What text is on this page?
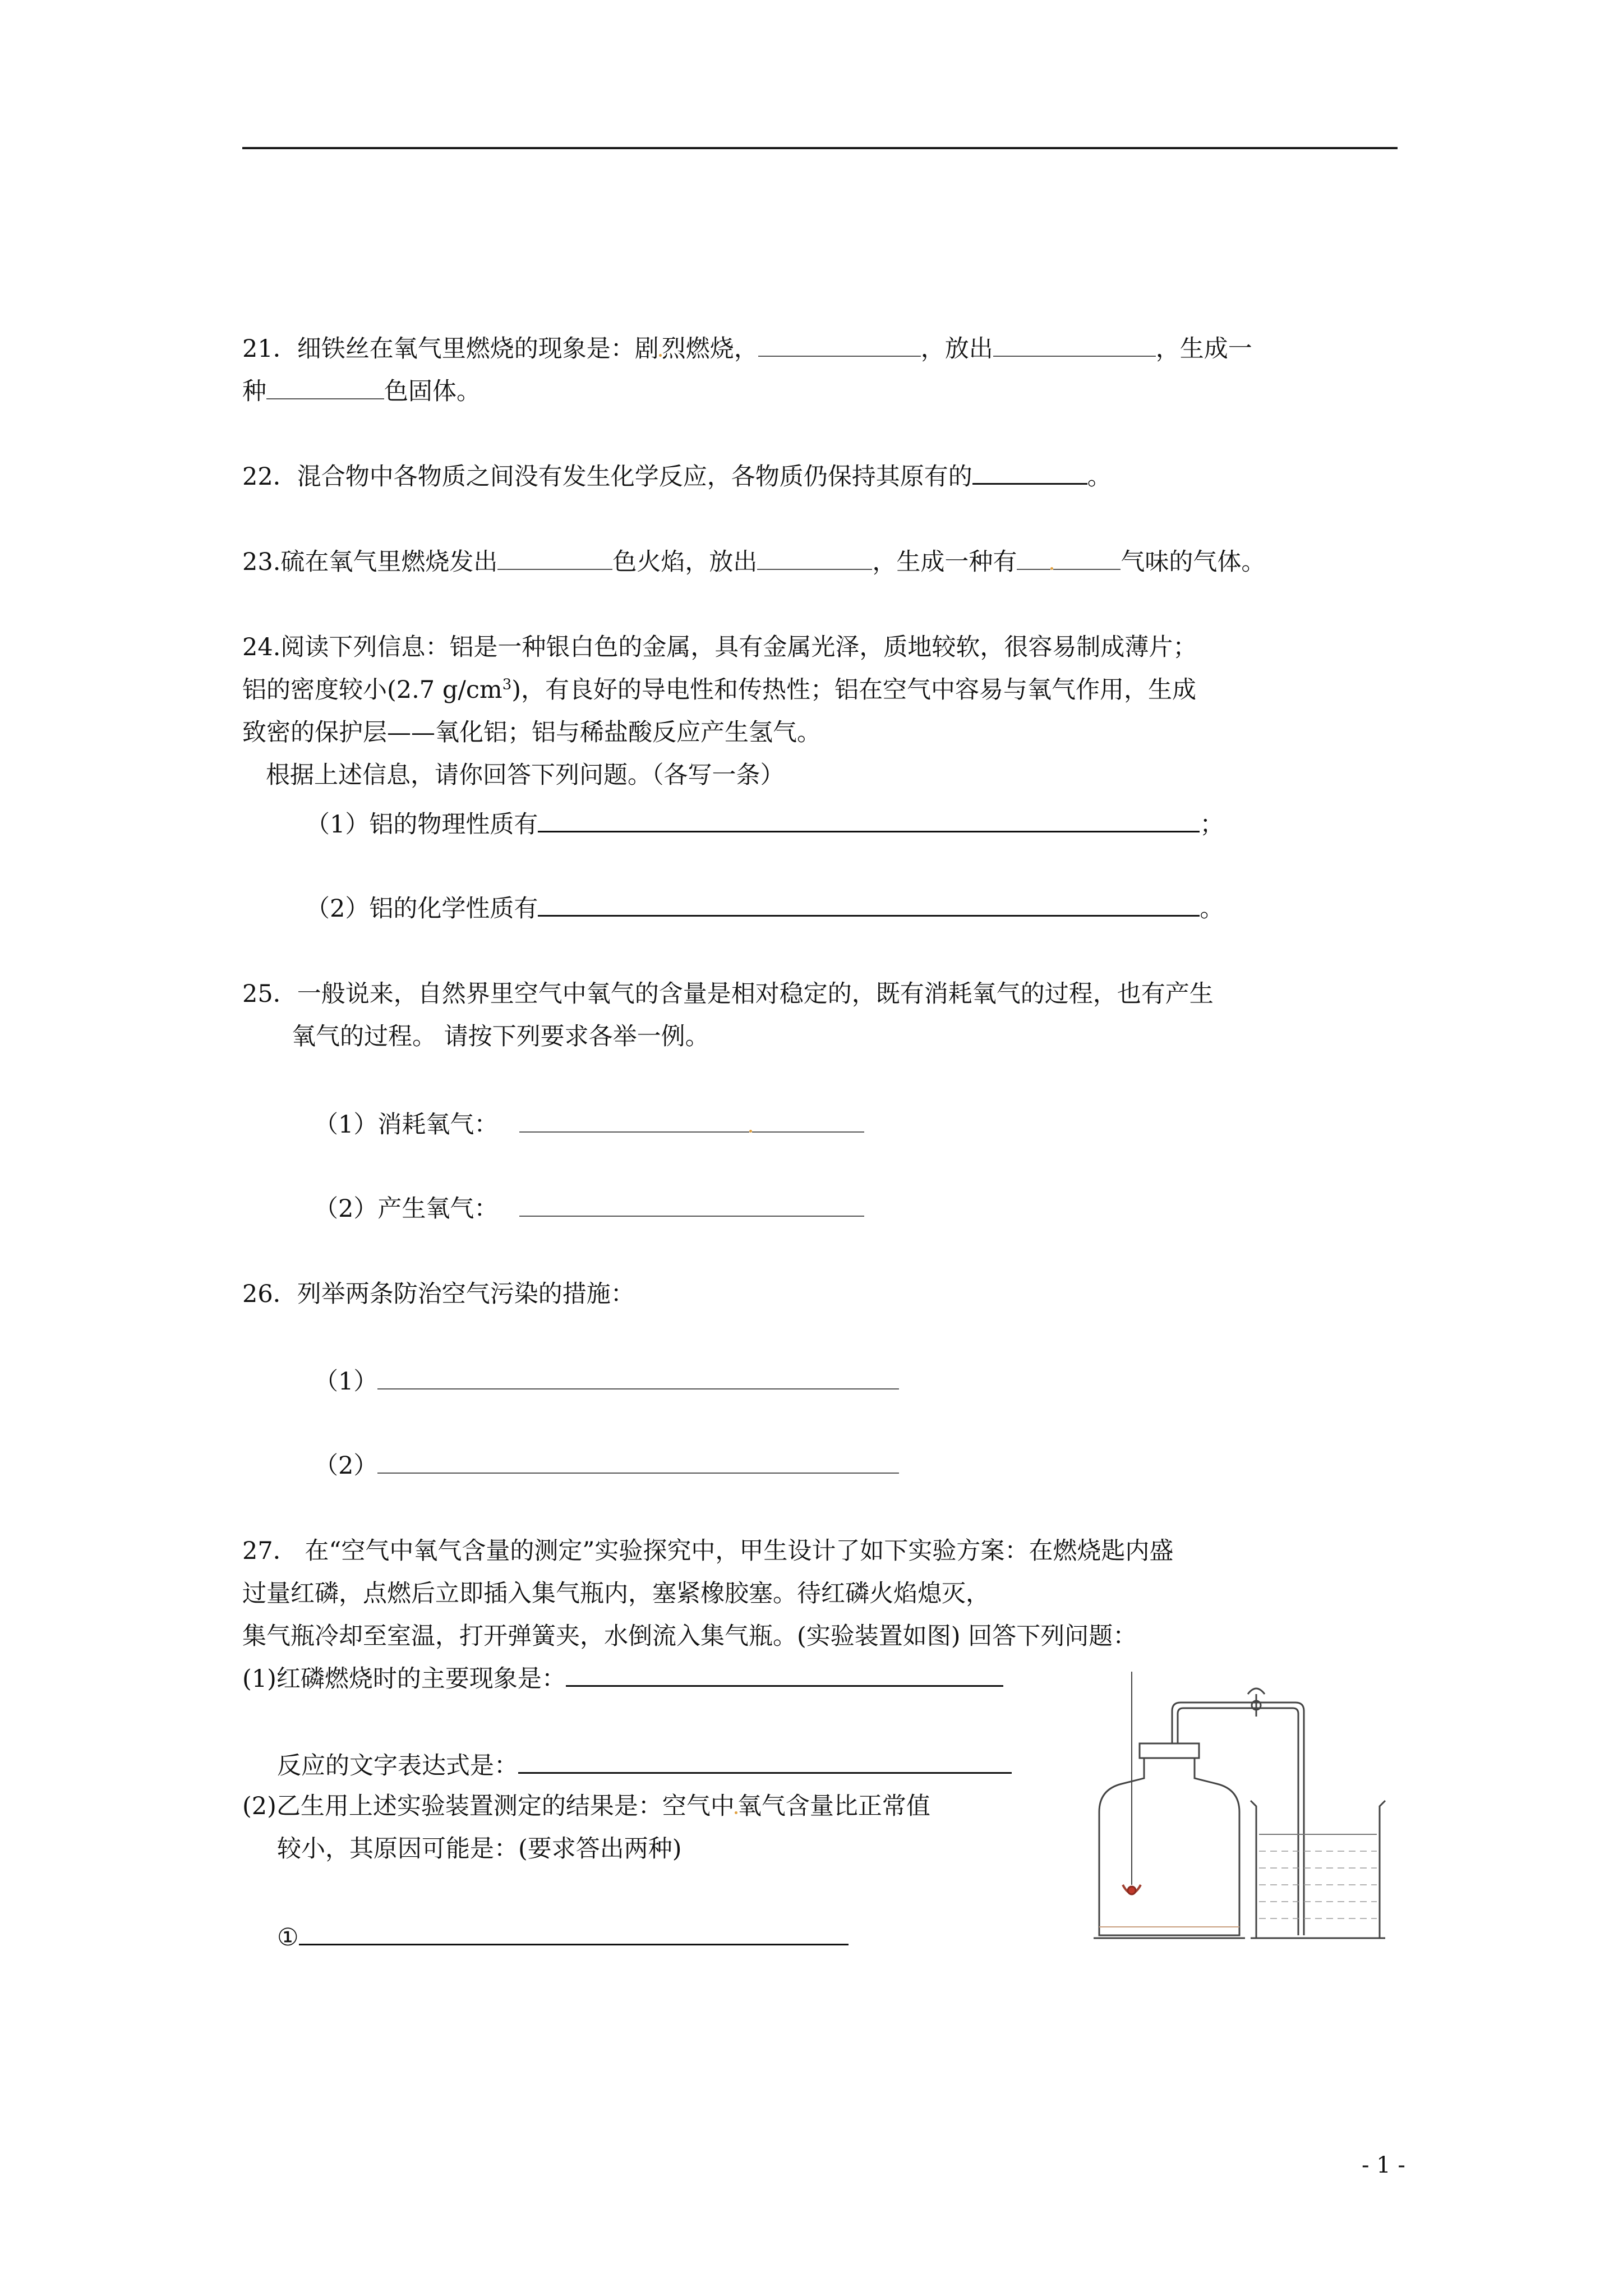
21．细铁丝在氧气里燃烧的现象是：剧 烈燃烧，	，放出	，生成一
种	色固体。
22．混合物中各物质之间没有发生化学反应，各物质仍保持其原有的	。
23.硫在氧气里燃烧发出	色火焰，放出	，生成一种有	气味的气体。
24.阅读下列信息：铝是一种银白色的金属，具有金属光泽，质地较软，很容易制成薄片；
铝的密度较小(2.7 $g/cm^3$)，有良好的导电性和传热性；铝在空气中容易与氧气作用，生成
致密的保护层——氧化铝；铝与稀盐酸反应产生氢气。
根据上述信息，请你回答下列问题。（各写一条）
（1）铝的物理性质有	；
（2）铝的化学性质有	。
25．一般说来，自然界里空气中氧气的含量是相对稳定的，既有消耗氧气的过程，也有产生
氧气的过程。 请按下列要求各举一例。
（1）消耗氧气：
（2）产生氧气：
26．列举两条防治空气污染的措施：
（1）
（2）
27． 在“空气中氧气含量的测定”实验探究中，甲生设计了如下实验方案：在燃烧匙内盛
过量红磷，点燃后立即插入集气瓶内，塞紧橡胶塞。待红磷火焰熄灭，
集气瓶冷却至室温，打开弹簧夹，水倒流入集气瓶。(实验装置如图) 回答下列问题：
(1)红磷燃烧时的主要现象是：
反应的文字表达式是：
(2)乙生用上述实验装置测定的结果是：空气中 氧气含量比正常值
较小，其原因可能是：(要求答出两种)
①
- 1 -
